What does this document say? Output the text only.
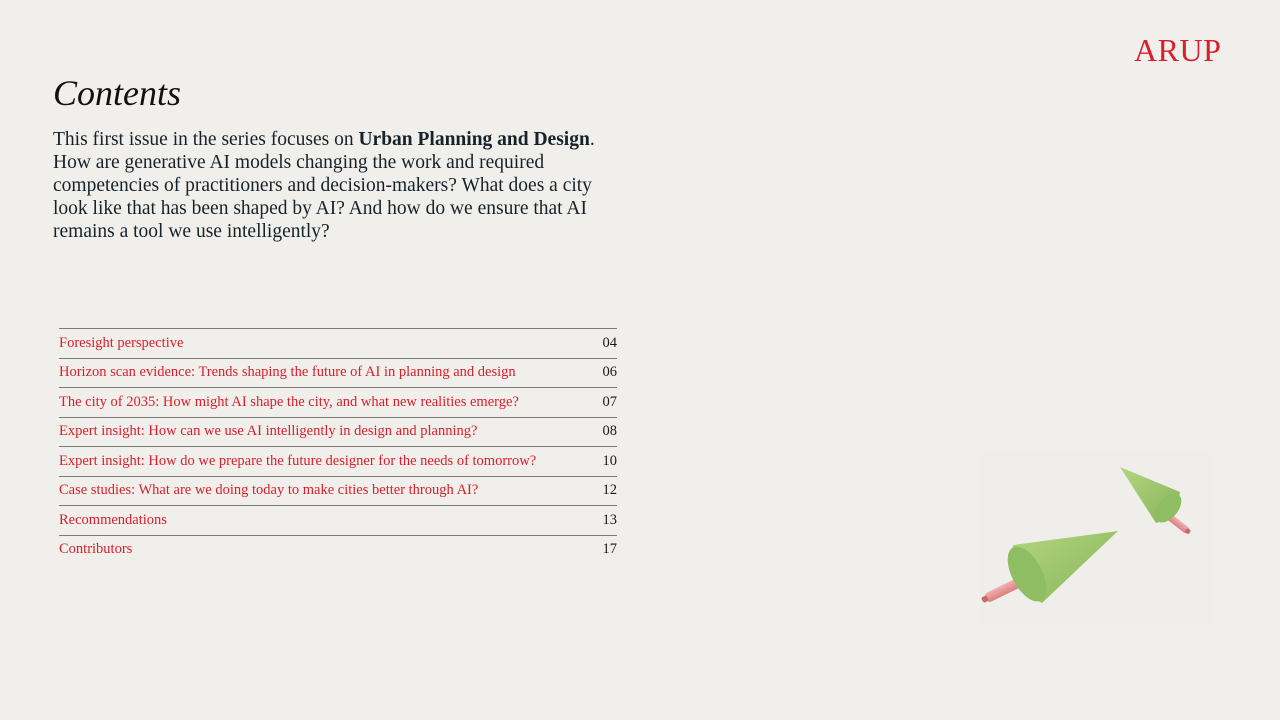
ARUP
Contents

This first issue in the series focuses on Urban Planning and Design. How are generative AI models changing the work and required competencies of practitioners and decision-makers? What does a city look like that has been shaped by AI? And how do we ensure that AI remains a tool we use intelligently?

Foresight perspective	04
Horizon scan evidence: Trends shaping the future of AI in planning and design	06
The city of 2035: How might AI shape the city, and what new realities emerge?	07
Expert insight: How can we use AI intelligently in design and planning?	08
Expert insight: How do we prepare the future designer for the needs of tomorrow?	10
Case studies: What are we doing today to make cities better through AI?	12
Recommendations	13
Contributors	17
